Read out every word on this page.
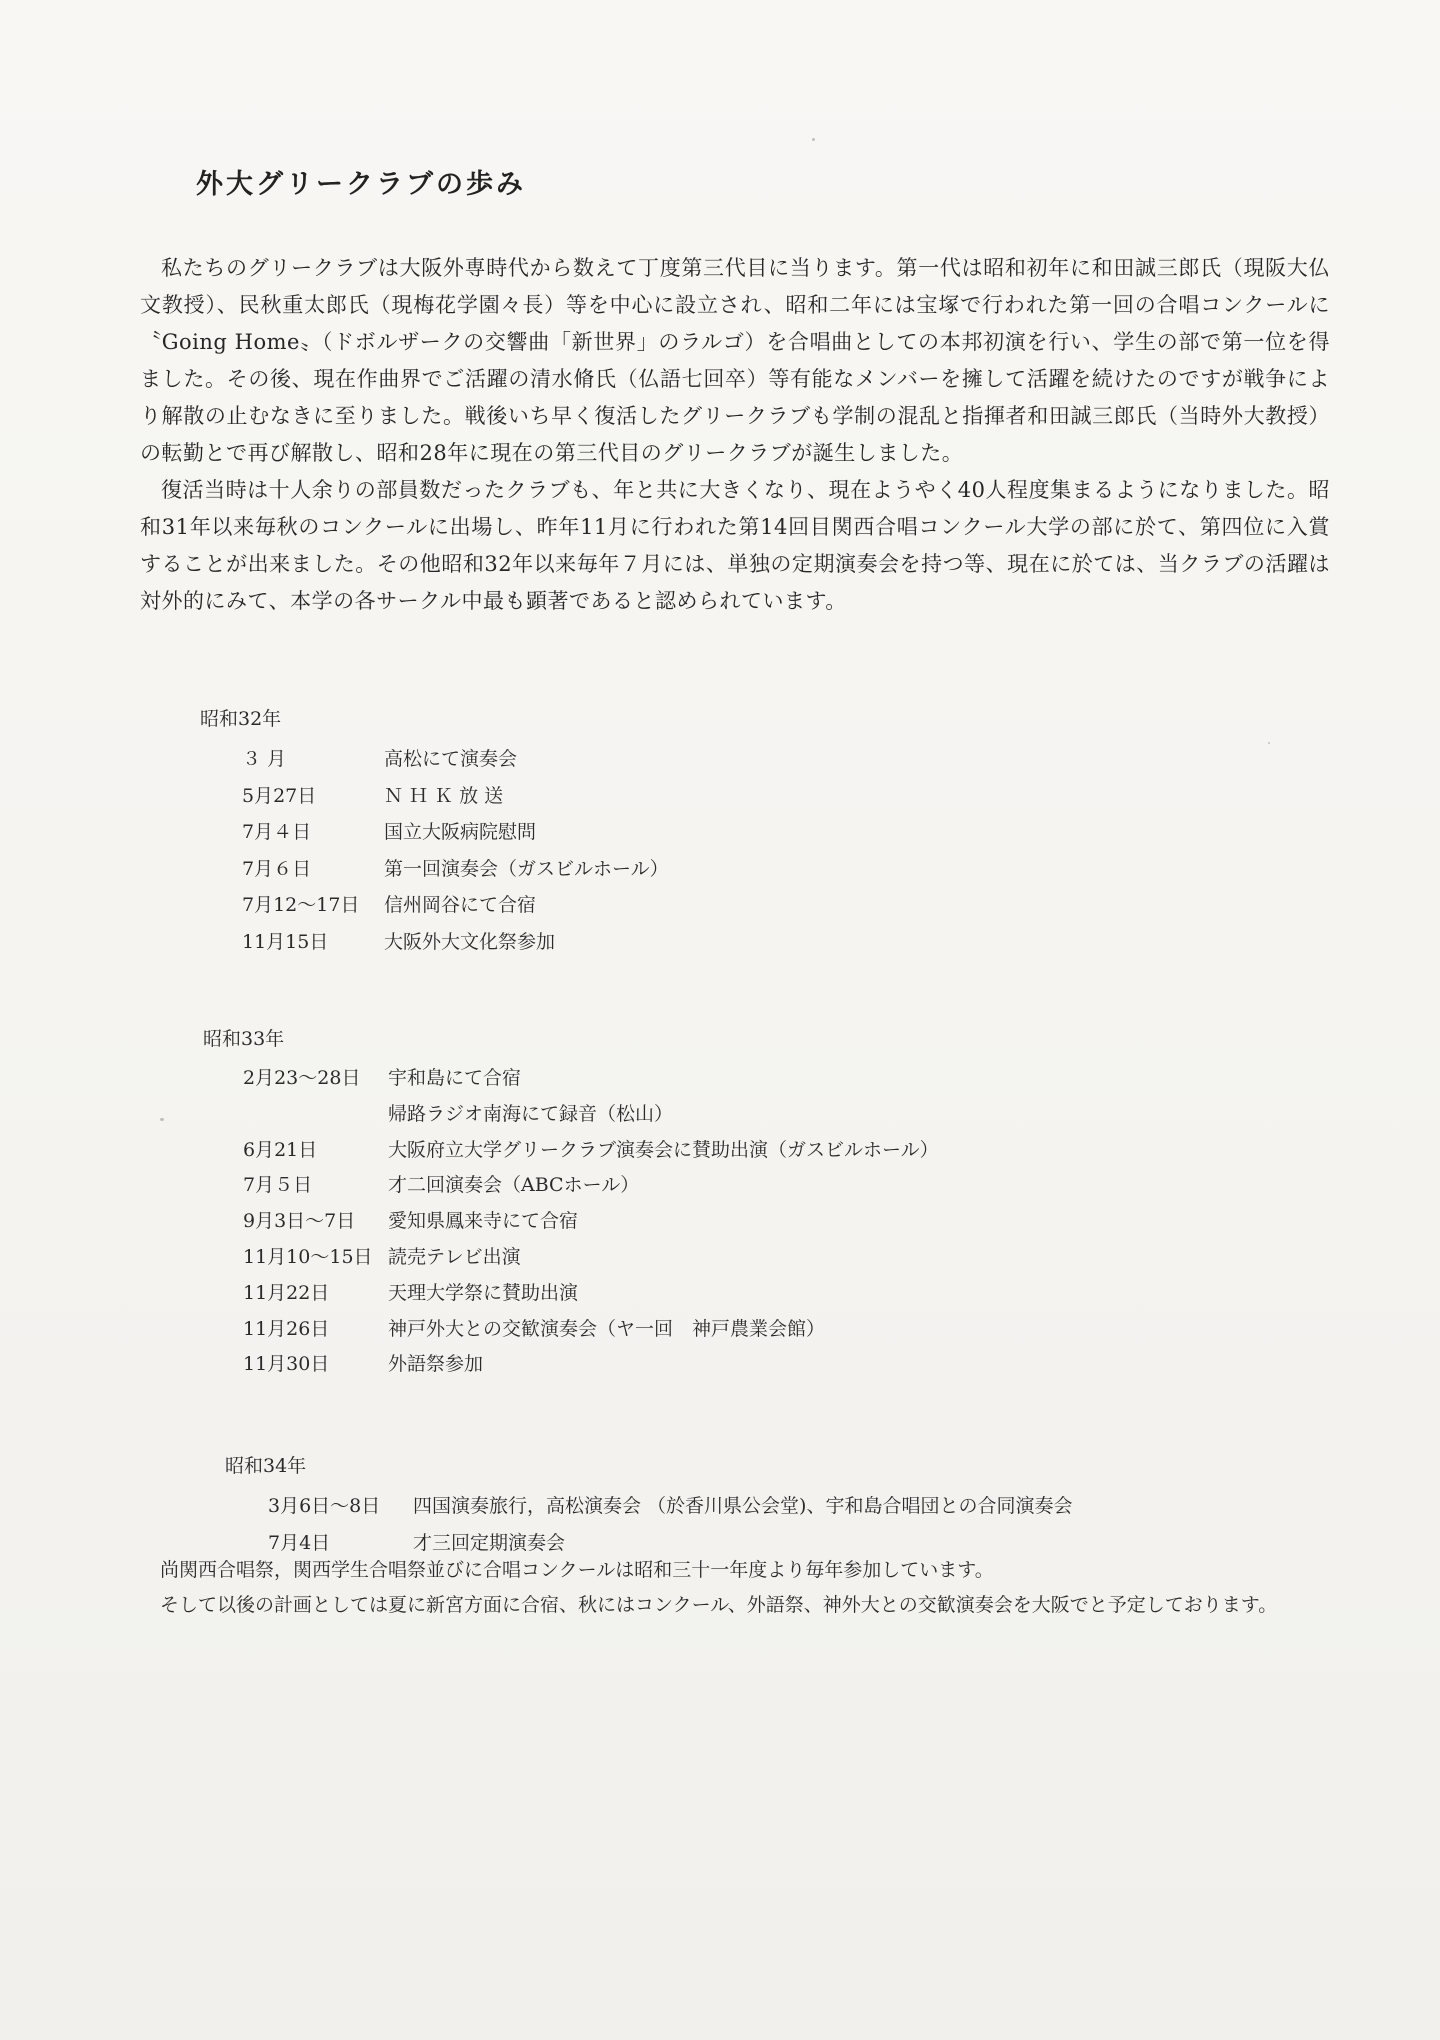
外大グリークラブの歩み

私たちのグリークラブは大阪外専時代から数えて丁度第三代目に当ります。第一代は昭和初年に和田誠三郎氏（現阪大仏文教授）、民秋重太郎氏（現梅花学園々長）等を中心に設立され、昭和二年には宝塚で行われた第一回の合唱コンクールに〝Going Home〟（ドボルザークの交響曲「新世界」のラルゴ）を合唱曲としての本邦初演を行い、学生の部で第一位を得ました。その後、現在作曲界でご活躍の清水脩氏（仏語七回卒）等有能なメンバーを擁して活躍を続けたのですが戦争により解散の止むなきに至りました。戦後いち早く復活したグリークラブも学制の混乱と指揮者和田誠三郎氏（当時外大教授）の転勤とで再び解散し、昭和28年に現在の第三代目のグリークラブが誕生しました。

復活当時は十人余りの部員数だったクラブも、年と共に大きくなり、現在ようやく40人程度集まるようになりました。昭和31年以来毎秋のコンクールに出場し、昨年11月に行われた第14回目関西合唱コンクール大学の部に於て、第四位に入賞することが出来ました。その他昭和32年以来毎年７月には、単独の定期演奏会を持つ等、現在に於ては、当クラブの活躍は対外的にみて、本学の各サークル中最も顕著であると認められています。

昭和32年
３ 月	高松にて演奏会
5月27日	Ｎ Ｈ Ｋ 放 送
7月４日	国立大阪病院慰問
7月６日	第一回演奏会（ガスビルホール）
7月12～17日	信州岡谷にて合宿
11月15日	大阪外大文化祭参加
昭和33年
2月23～28日	宇和島にて合宿
帰路ラジオ南海にて録音（松山）
6月21日	大阪府立大学グリークラブ演奏会に賛助出演（ガスビルホール）
7月５日	才二回演奏会（ABCホール）
9月3日～7日	愛知県鳳来寺にて合宿
11月10～15日 読売テレビ出演
11月22日	天理大学祭に賛助出演
11月26日	神戸外大との交歓演奏会（ヤ一回　神戸農業会館）
11月30日	外語祭参加
昭和34年
3月6日～8日	四国演奏旅行，高松演奏会 （於香川県公会堂)、宇和島合唱団との合同演奏会
7月4日	才三回定期演奏会

尚関西合唱祭，関西学生合唱祭並びに合唱コンクールは昭和三十一年度より毎年参加しています。

そして以後の計画としては夏に新宮方面に合宿、秋にはコンクール、外語祭、神外大との交歓演奏会を大阪でと予定しております。
